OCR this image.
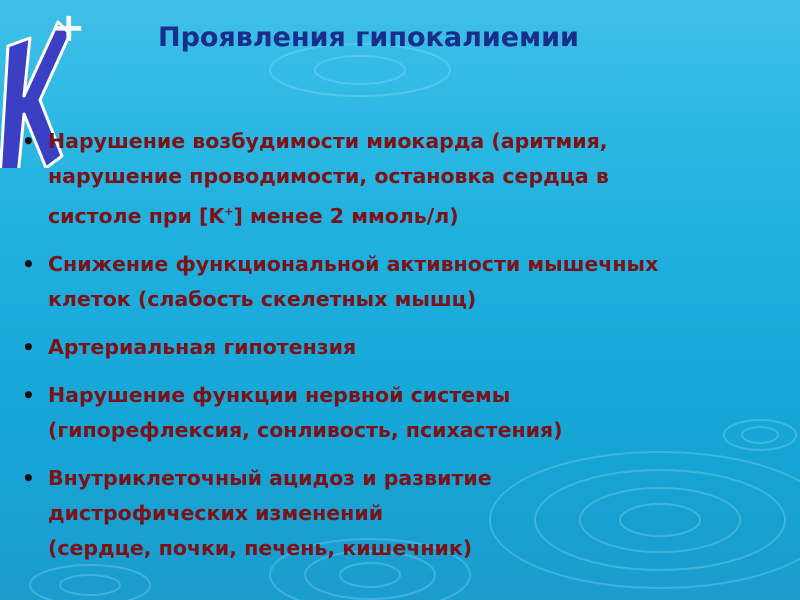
+	Проявления гипокалиемии
• Нарушение возбудимости миокарда (аритмия,
нарушение проводимости, остановка сердца в
систоле при [K+] менее 2 ммоль/л)
• Снижение функциональной активности мышечных
клеток (слабость скелетных мышц)
• Артериальная гипотензия
• Нарушение функции нервной системы
(гипорефлексия, сонливость, психастения)
• Внутриклеточный ацидоз и развитие
дистрофических изменений
(сердце, почки, печень, кишечник)
